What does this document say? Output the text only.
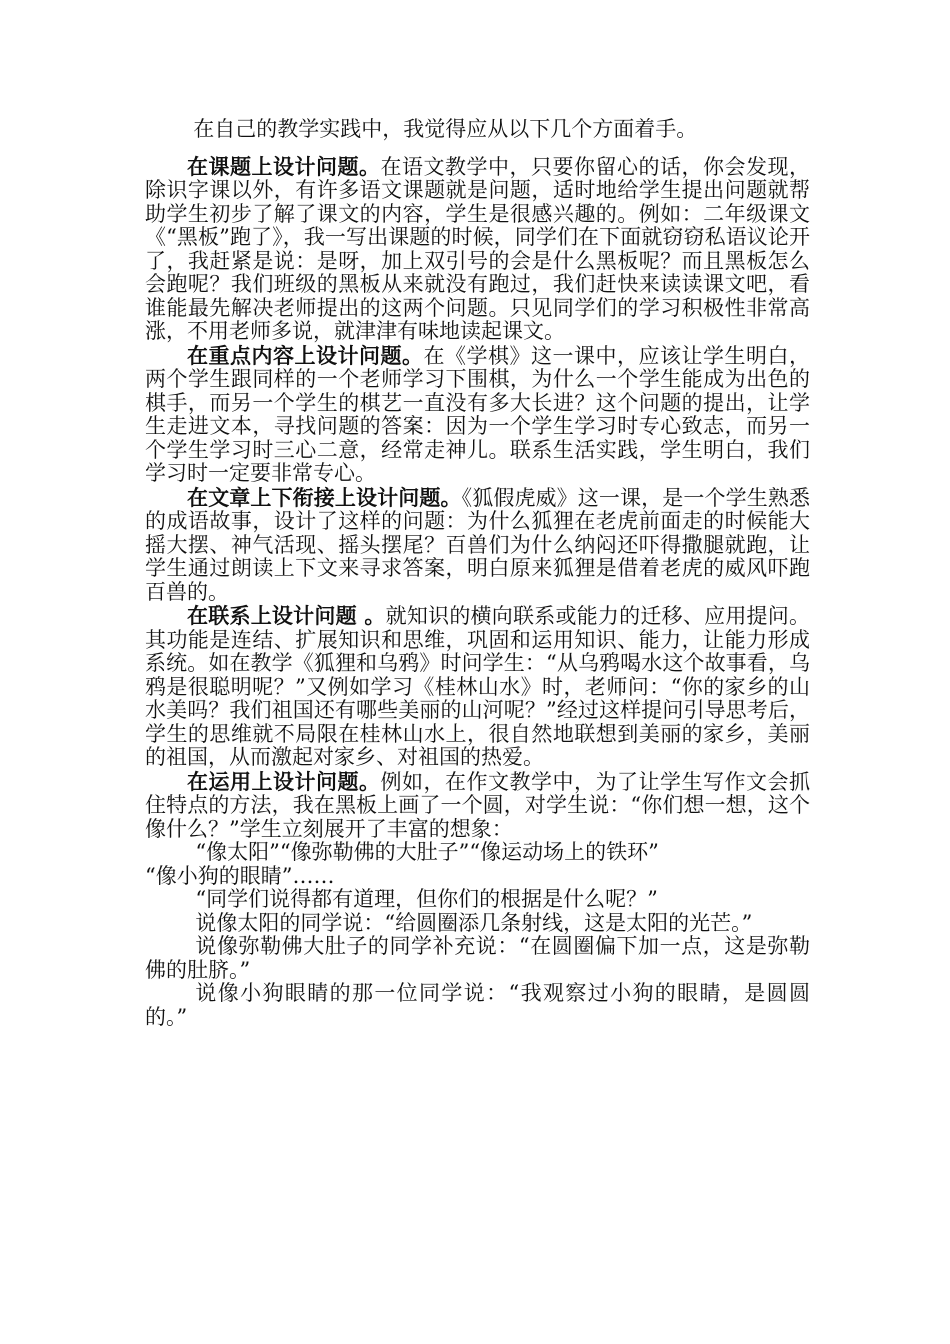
在自己的教学实践中，我觉得应从以下几个方面着手。

在课题上设计问题。在语文教学中，只要你留心的话，你会发现，除识字课以外，有许多语文课题就是问题，适时地给学生提出问题就帮助学生初步了解了课文的内容，学生是很感兴趣的。例如：二年级课文《“黑板”跑了》，我一写出课题的时候，同学们在下面就窃窃私语议论开了，我赶紧是说：是呀，加上双引号的会是什么黑板呢？而且黑板怎么会跑呢？我们班级的黑板从来就没有跑过，我们赶快来读读课文吧，看谁能最先解决老师提出的这两个问题。只见同学们的学习积极性非常高涨，不用老师多说，就津津有味地读起课文。

在重点内容上设计问题。在《学棋》这一课中，应该让学生明白，两个学生跟同样的一个老师学习下围棋，为什么一个学生能成为出色的棋手，而另一个学生的棋艺一直没有多大长进？这个问题的提出，让学生走进文本，寻找问题的答案：因为一个学生学习时专心致志，而另一个学生学习时三心二意，经常走神儿。联系生活实践，学生明白，我们学习时一定要非常专心。

在文章上下衔接上设计问题。《狐假虎威》这一课，是一个学生熟悉的成语故事，设计了这样的问题：为什么狐狸在老虎前面走的时候能大摇大摆、神气活现、摇头摆尾？百兽们为什么纳闷还吓得撒腿就跑，让学生通过朗读上下文来寻求答案，明白原来狐狸是借着老虎的威风吓跑百兽的。

在联系上设计问题 。就知识的横向联系或能力的迁移、应用提问。其功能是连结、扩展知识和思维，巩固和运用知识、能力，让能力形成系统。如在教学《狐狸和乌鸦》时问学生：“从乌鸦喝水这个故事看，乌鸦是很聪明呢？”又例如学习《桂林山水》时，老师问：“你的家乡的山水美吗？我们祖国还有哪些美丽的山河呢？”经过这样提问引导思考后，学生的思维就不局限在桂林山水上，很自然地联想到美丽的家乡，美丽的祖国，从而激起对家乡、对祖国的热爱。

在运用上设计问题。例如，在作文教学中，为了让学生写作文会抓住特点的方法，我在黑板上画了一个圆，对学生说：“你们想一想，这个像什么？”学生立刻展开了丰富的想象：

“像太阳”“像弥勒佛的大肚子”“像运动场上的铁环”

“像小狗的眼睛”……

“同学们说得都有道理，但你们的根据是什么呢？”

说像太阳的同学说：“给圆圈添几条射线，这是太阳的光芒。”

说像弥勒佛大肚子的同学补充说：“在圆圈偏下加一点，这是弥勒佛的肚脐。”

说像小狗眼睛的那一位同学说：“我观察过小狗的眼睛，是圆圆的。”
